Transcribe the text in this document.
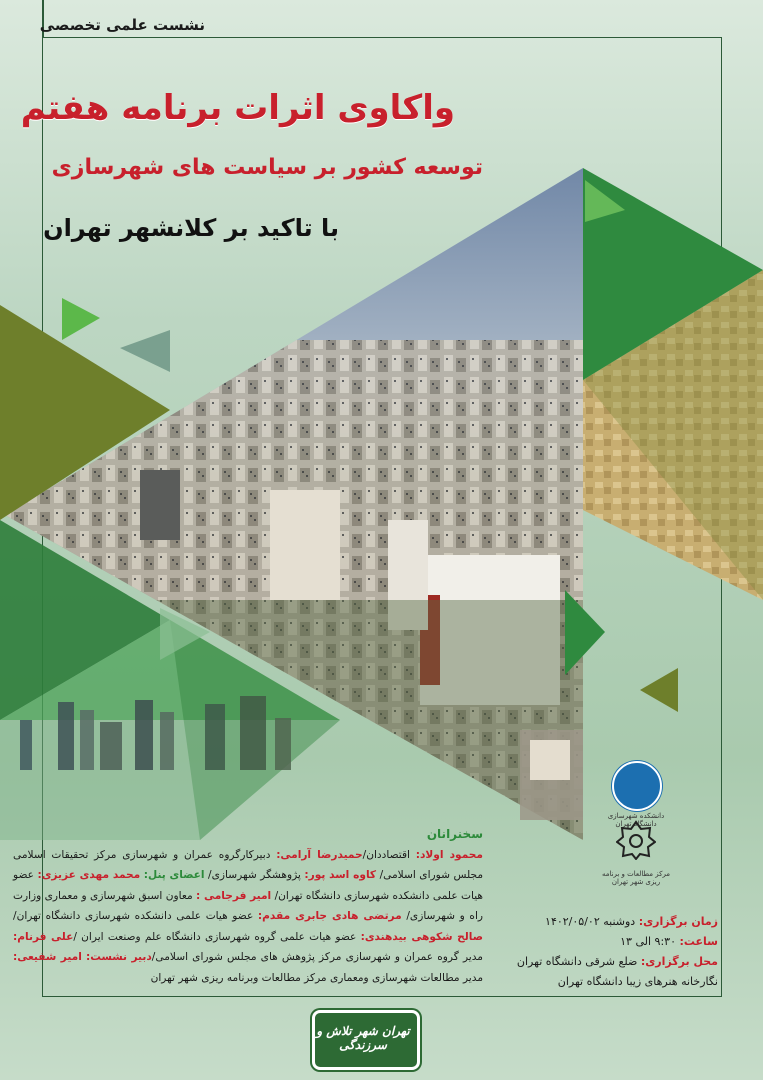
نشست علمی تخصصی
واکاوی اثرات برنامه هفتم
توسعه کشور بر سیاست های شهرسازی
با تاکید بر کلانشهر تهران
دانشکده شهرسازی دانشگاه تهران
مرکز مطالعات و برنامه ریزی شهر تهران
سخنرانان
محمود اولاد: اقتصاددان/حمیدرضا آرامی: دبیرکارگروه عمران و شهرسازی مرکز تحقیقات اسلامی مجلس شورای اسلامی/ کاوه اسد پور: پژوهشگر شهرسازی/ اعضای پنل: محمد مهدی عزیزی: عضو هیات علمی دانشکده شهرسازی دانشگاه تهران/ امیر فرجامی : معاون اسبق شهرسازی و معماری وزارت راه و شهرسازی/ مرتضی هادی جابری مقدم: عضو هیات علمی دانشکده شهرسازی دانشگاه تهران/ صالح شکوهی بیدهندی: عضو هیات علمی گروه شهرسازی دانشگاه علم وصنعت ایران /علی فرنام: مدیر گروه عمران و شهرسازی مرکز پژوهش های مجلس شورای اسلامی/دبیر نشست: امیر شفیعی: مدیر مطالعات شهرسازی ومعماری مرکز مطالعات وبرنامه ریزی شهر تهران
زمان برگزاری: دوشنبه ۱۴۰۲/۰۵/۰۲
ساعت: ۹:۳۰ الی ۱۳
محل برگزاری: ضلع شرقی دانشگاه تهران نگارخانه هنرهای زیبا دانشگاه تهران
تهران شهر تلاش و سرزندگی
